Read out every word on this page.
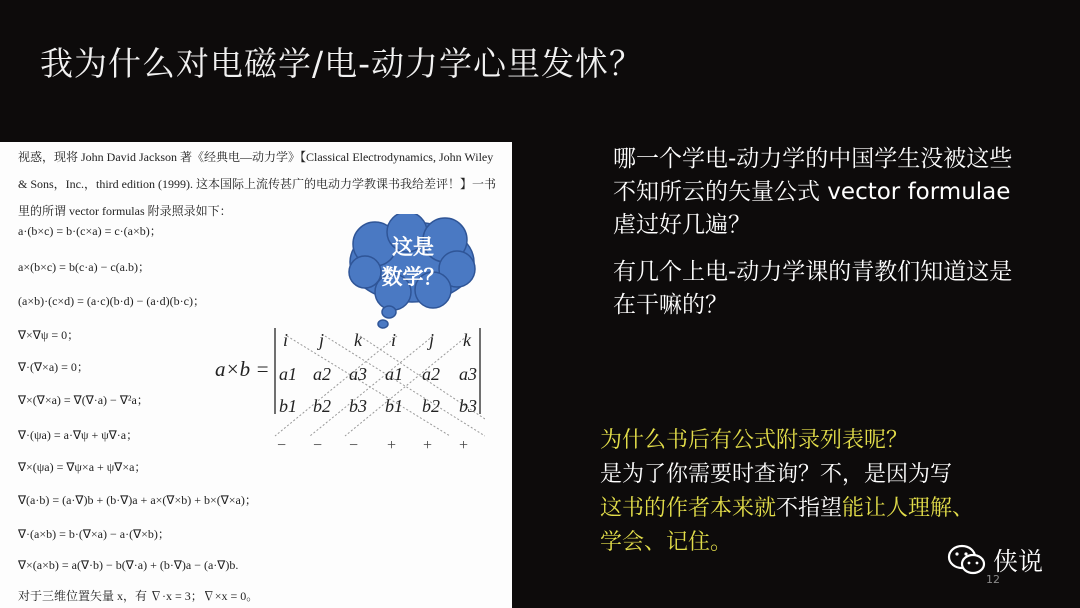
我为什么对电磁学/电-动力学心里发怵？
视惑，现将 John David Jackson 著《经典电—动力学》【Classical Electrodynamics, John Wiley & Sons，Inc.，third edition (1999). 这本国际上流传甚广的电动力学教课书我给差评！】一书里的所谓 vector formulas 附录照录如下：
a·(b×c) = b·(c×a) = c·(a×b)；
a×(b×c) = b(c·a) − c(a.b)；
(a×b)·(c×d) = (a·c)(b·d) − (a·d)(b·c)；
∇×∇ψ = 0；
∇·(∇×a) = 0；
∇×(∇×a) = ∇(∇·a) − ∇²a；
∇·(ψa) = a·∇ψ + ψ∇·a；
∇×(ψa) = ∇ψ×a + ψ∇×a；
∇(a·b) = (a·∇)b + (b·∇)a + a×(∇×b) + b×(∇×a)；
∇·(a×b) = b·(∇×a) − a·(∇×b)；
∇×(a×b) = a(∇·b) − b(∇·a) + (b·∇)a − (a·∇)b.
对于三维位置矢量 x，有 ∇·x = 3；∇×x = 0。
这是
数学？
a×b =
i j k i j k
a1 a2 a3 a1 a2 a3
b1 b2 b3 b1 b2 b3
− − − + + +
哪一个学电-动力学的中国学生没被这些不知所云的矢量公式 vector formulae 虐过好几遍？
有几个上电-动力学课的青教们知道这是在干嘛的？
为什么书后有公式附录列表呢？
是为了你需要时查询？不，是因为写
这书的作者本来就不指望能让人理解、
学会、记住。
侠说
12
